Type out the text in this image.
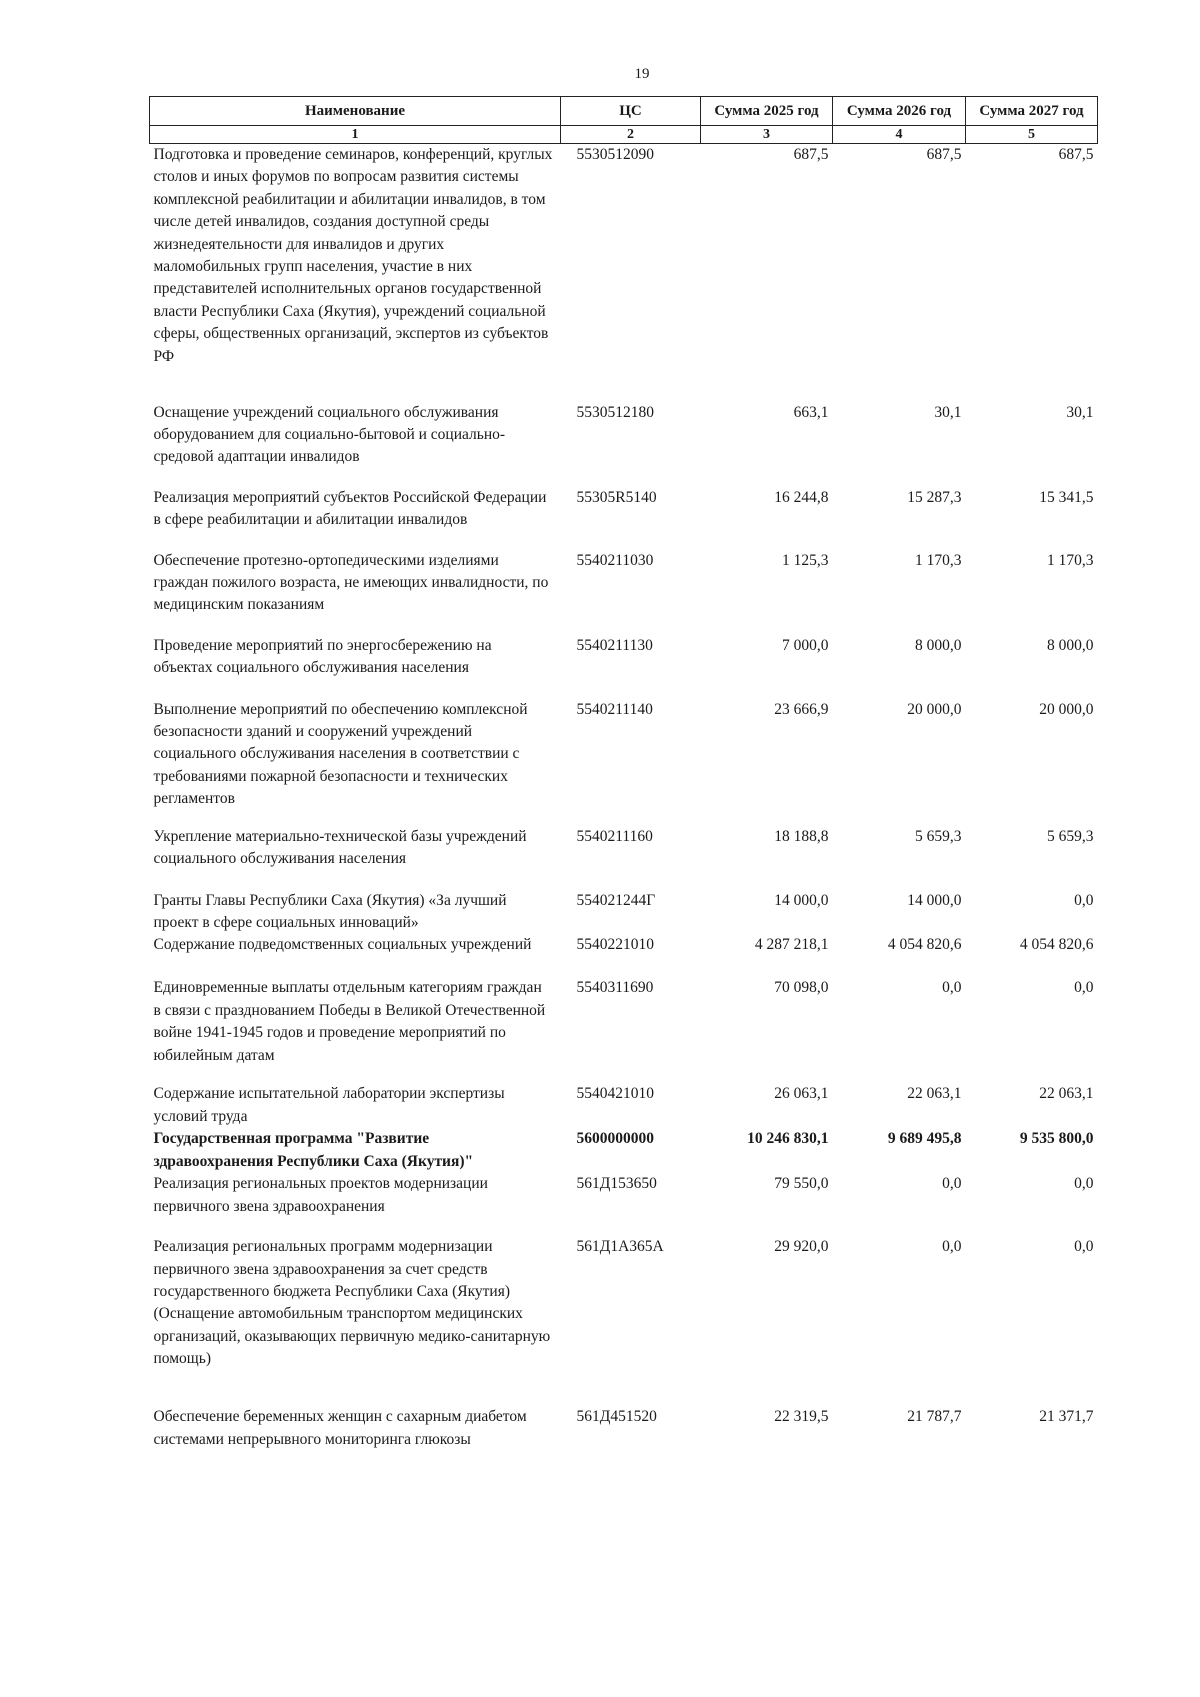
19
Наименование	ЦС	Сумма 2025 год	Сумма 2026 год	Сумма 2027 год
1	2	3	4	5
Подготовка и проведение семинаров, конференций, круглых столов и иных форумов по вопросам развития системы комплексной реабилитации и абилитации инвалидов, в том числе детей инвалидов, создания доступной среды жизнедеятельности для инвалидов и других маломобильных групп населения, участие в них представителей исполнительных органов государственной власти Республики Саха (Якутия), учреждений социальной сферы, общественных организаций, экспертов из субъектов РФ	5530512090	687,5	687,5	687,5
Оснащение учреждений социального обслуживания оборудованием для социально-бытовой и социально-средовой адаптации инвалидов	5530512180	663,1	30,1	30,1
Реализация мероприятий субъектов Российской Федерации в сфере реабилитации и абилитации инвалидов	55305R5140	16 244,8	15 287,3	15 341,5
Обеспечение протезно-ортопедическими изделиями граждан пожилого возраста, не имеющих инвалидности, по медицинским показаниям	5540211030	1 125,3	1 170,3	1 170,3
Проведение мероприятий по энергосбережению на объектах социального обслуживания населения	5540211130	7 000,0	8 000,0	8 000,0
Выполнение мероприятий по обеспечению комплексной безопасности зданий и сооружений учреждений социального обслуживания населения в соответствии с требованиями пожарной безопасности и технических регламентов	5540211140	23 666,9	20 000,0	20 000,0
Укрепление материально-технической базы учреждений социального обслуживания населения	5540211160	18 188,8	5 659,3	5 659,3
Гранты Главы Республики Саха (Якутия) «За лучший проект в сфере социальных инноваций»	554021244Г	14 000,0	14 000,0	0,0
Содержание подведомственных социальных учреждений	5540221010	4 287 218,1	4 054 820,6	4 054 820,6
Единовременные выплаты отдельным категориям граждан в связи с празднованием Победы в Великой Отечественной войне 1941-1945 годов и проведение мероприятий по юбилейным датам	5540311690	70 098,0	0,0	0,0
Содержание испытательной лаборатории экспертизы условий труда	5540421010	26 063,1	22 063,1	22 063,1
Государственная программа "Развитие здравоохранения Республики Саха (Якутия)"	5600000000	10 246 830,1	9 689 495,8	9 535 800,0
Реализация региональных проектов модернизации первичного звена здравоохранения	561Д153650	79 550,0	0,0	0,0
Реализация региональных программ модернизации первичного звена здравоохранения за счет средств государственного бюджета Республики Саха (Якутия) (Оснащение автомобильным транспортом медицинских организаций, оказывающих первичную медико-санитарную помощь)	561Д1А365А	29 920,0	0,0	0,0
Обеспечение беременных женщин с сахарным диабетом системами непрерывного мониторинга глюкозы	561Д451520	22 319,5	21 787,7	21 371,7
